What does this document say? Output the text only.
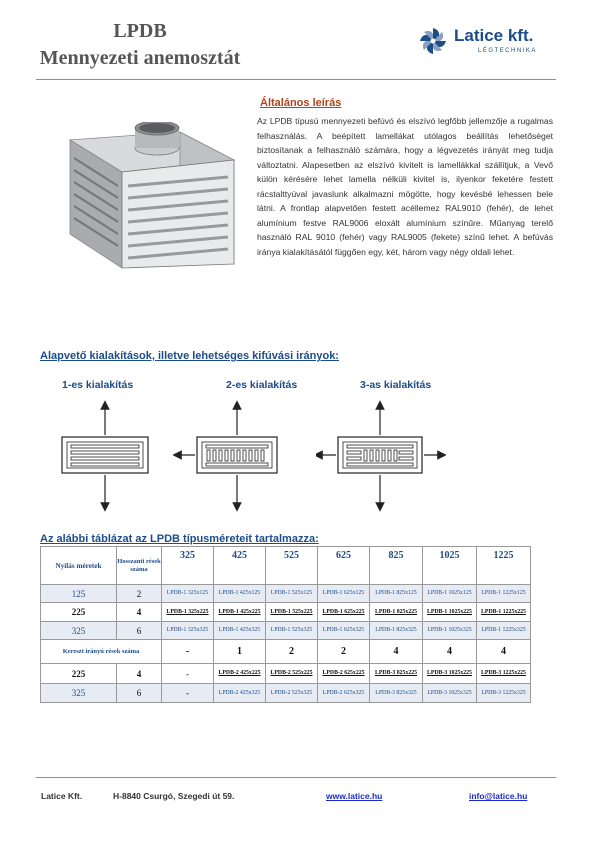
LPDB
Mennyezeti anemosztát
Latice kft.
LÉGTECHNIKA
Általános leírás
Az LPDB típusú mennyezeti befúvó és elszívó legfőbb jellemzője a rugalmas felhasználás. A beépített lamellákat utólagos beállítás lehetőséget biztosítanak a felhasználó számára, hogy a légvezetés irányát meg tudja változtatni. Alapesetben az elszívó kivitelt is lamellákkal szállítjuk, a Vevő külön kérésére lehet lamella nélküli kivitel is, ilyenkor feketére festett rácstalttyúval javaslunk alkalmazni mögötte, hogy kevésbé lehessen bele látni. A frontlap alapvetően festett acéllemez RAL9010 (fehér), de lehet alumínium festve RAL9006 eloxált alumínium színűre. Műanyag terelő használó RAL 9010 (fehér) vagy RAL9005 (fekete) színű lehet. A befúvás iránya kialakításától függően egy, két, három vagy négy oldali lehet.
Alapvető kialakítások, illetve lehetséges kifúvási irányok:
1-es kialakítás	2-es kialakítás	3-as kialakítás
Az alábbi táblázat az LPDB típusméreteit tartalmazza:
Nyílás méretek	Hosszanti rések száma	325	425	525	625	825	1025	1225
125	2	LPDB-1 325x125	LPDB-1 425x125	LPDB-1 525x125	LPDB-1 625x125	LPDB-1 825x125	LPDB-1 1025x125	LPDB-1 1225x125
225	4	LPDB-1 325x225	LPDB-1 425x225	LPDB-1 525x225	LPDB-1 625x225	LPDB-1 825x225	LPDB-1 1025x225	LPDB-1 1225x225
325	6	LPDB-1 325x325	LPDB-1 425x325	LPDB-1 525x325	LPDB-1 625x325	LPDB-1 825x325	LPDB-1 1025x325	LPDB-1 1225x325
Kereszt irányú rések száma		-	1	2	2	4	4	4
225	4	-	LPDB-2 425x225	LPDB-2 525x225	LPDB-2 625x225	LPDB-3 825x225	LPDB-3 1025x225	LPDB-3 1225x225
325	6	-	LPDB-2 425x325	LPDB-2 525x325	LPDB-2 625x325	LPDB-3 825x325	LPDB-3 1025x325	LPDB-3 1225x325
Latice Kft.	H-8840 Csurgó, Szegedi út 59.	www.latice.hu	info@latice.hu
